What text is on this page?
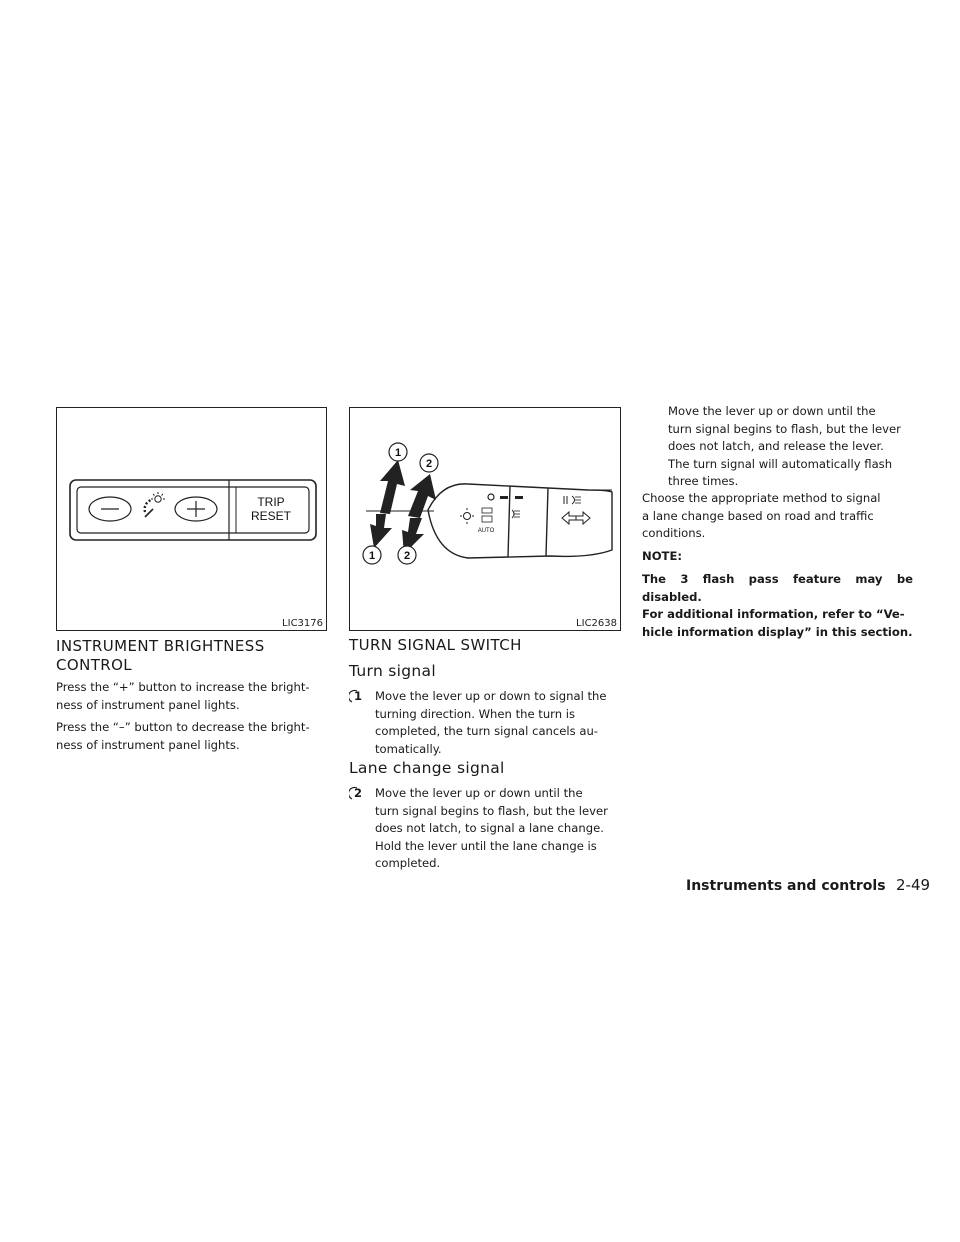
TRIP
RESET
LIC3176
1
2
1	2
AUTO
LIC2638
INSTRUMENT BRIGHTNESS
CONTROL

Press the “+” button to increase the bright-
ness of instrument panel lights.

Press the “–” button to decrease the bright-
ness of instrument panel lights.

TURN SIGNAL SWITCH
Turn signal
1 Move the lever up or down to signal the
turning direction. When the turn is
completed, the turn signal cancels au-
tomatically.

Lane change signal
2 Move the lever up or down until the
turn signal begins to flash, but the lever
does not latch, to signal a lane change.
Hold the lever until the lane change is
completed.

Move the lever up or down until the
turn signal begins to flash, but the lever
does not latch, and release the lever.
The turn signal will automatically flash
three times.

Choose the appropriate method to signal
a lane change based on road and traffic
conditions.

NOTE:

The 3 flash pass feature may be disabled.
For additional information, refer to “Ve-
hicle information display” in this section.

Instruments and controls 2-49
